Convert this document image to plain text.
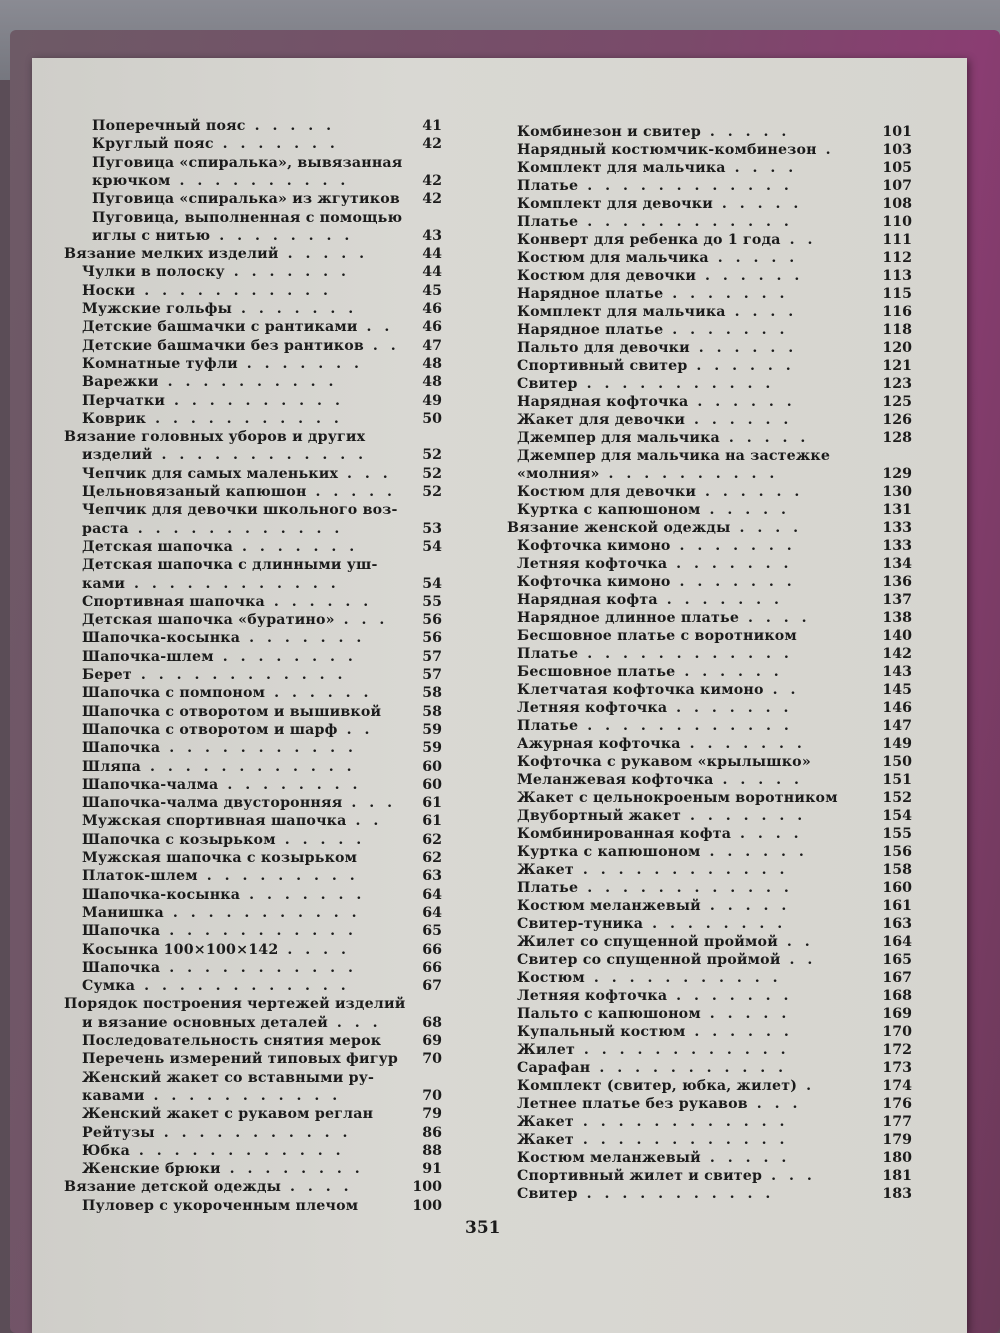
Поперечный пояс . . . . .	41
Круглый пояс . . . . . . .	42
Пуговица «спиралька», вывязанная
крючком . . . . . . . . . .	42
Пуговица «спиралька» из жгутиков	42
Пуговица, выполненная с помощью
иглы с нитью . . . . . . . .	43
Вязание мелких изделий . . . . .	44
Чулки в полоску . . . . . . .	44
Носки . . . . . . . . . . .	45
Мужские гольфы . . . . . . .	46
Детские башмачки с рантиками . .	46
Детские башмачки без рантиков . .	47
Комнатные туфли . . . . . . .	48
Варежки . . . . . . . . . .	48
Перчатки . . . . . . . . . .	49
Коврик . . . . . . . . . . .	50
Вязание головных уборов и других
изделий . . . . . . . . . . . .	52
Чепчик для самых маленьких . . .	52
Цельновязаный капюшон . . . . .	52
Чепчик для девочки школьного воз-
раста . . . . . . . . . . . .	53
Детская шапочка . . . . . . .	54
Детская шапочка с длинными уш-
ками . . . . . . . . . . . .	54
Спортивная шапочка . . . . . .	55
Детская шапочка «буратино» . . .	56
Шапочка-косынка . . . . . . .	56
Шапочка-шлем . . . . . . . .	57
Берет . . . . . . . . . . . .	57
Шапочка с помпоном . . . . . .	58
Шапочка с отворотом и вышивкой	58
Шапочка с отворотом и шарф . .	59
Шапочка . . . . . . . . . . .	59
Шляпа . . . . . . . . . . . .	60
Шапочка-чалма . . . . . . . .	60
Шапочка-чалма двусторонняя . . .	61
Мужская спортивная шапочка . .	61
Шапочка с козырьком . . . . .	62
Мужская шапочка с козырьком	62
Платок-шлем . . . . . . . . .	63
Шапочка-косынка . . . . . . .	64
Манишка . . . . . . . . . . .	64
Шапочка . . . . . . . . . . .	65
Косынка 100×100×142 . . . .	66
Шапочка . . . . . . . . . . .	66
Сумка . . . . . . . . . . . .	67
Порядок построения чертежей изделий
и вязание основных деталей . . .	68
Последовательность снятия мерок	69
Перечень измерений типовых фигур	70
Женский жакет со вставными ру-
кавами . . . . . . . . . . .	70
Женский жакет с рукавом реглан	79
Рейтузы . . . . . . . . . . .	86
Юбка . . . . . . . . . . . .	88
Женские брюки . . . . . . . .	91
Вязание детской одежды . . . .	100
Пуловер с укороченным плечом	100
Комбинезон и свитер . . . . .	101
Нарядный костюмчик-комбинезон .	103
Комплект для мальчика . . . .	105
Платье . . . . . . . . . . . .	107
Комплект для девочки . . . . .	108
Платье . . . . . . . . . . . .	110
Конверт для ребенка до 1 года . .	111
Костюм для мальчика . . . . .	112
Костюм для девочки . . . . . .	113
Нарядное платье . . . . . . .	115
Комплект для мальчика . . . .	116
Нарядное платье . . . . . . .	118
Пальто для девочки . . . . . .	120
Спортивный свитер . . . . . .	121
Свитер . . . . . . . . . . .	123
Нарядная кофточка . . . . . .	125
Жакет для девочки . . . . . .	126
Джемпер для мальчика . . . . .	128
Джемпер для мальчика на застежке
«молния» . . . . . . . . . .	129
Костюм для девочки . . . . . .	130
Куртка с капюшоном . . . . .	131
Вязание женской одежды . . . .	133
Кофточка кимоно . . . . . . .	133
Летняя кофточка . . . . . . .	134
Кофточка кимоно . . . . . . .	136
Нарядная кофта . . . . . . .	137
Нарядное длинное платье . . . .	138
Бесшовное платье с воротником	140
Платье . . . . . . . . . . . .	142
Бесшовное платье . . . . . .	143
Клетчатая кофточка кимоно . .	145
Летняя кофточка . . . . . . .	146
Платье . . . . . . . . . . . .	147
Ажурная кофточка . . . . . . .	149
Кофточка с рукавом «крылышко»	150
Меланжевая кофточка . . . . .	151
Жакет с цельнокроеным воротником	152
Двубортный жакет . . . . . . .	154
Комбинированная кофта . . . .	155
Куртка с капюшоном . . . . . .	156
Жакет . . . . . . . . . . . .	158
Платье . . . . . . . . . . . .	160
Костюм меланжевый . . . . .	161
Свитер-туника . . . . . . . .	163
Жилет со спущенной проймой . .	164
Свитер со спущенной проймой . .	165
Костюм . . . . . . . . . . .	167
Летняя кофточка . . . . . . .	168
Пальто с капюшоном . . . . .	169
Купальный костюм . . . . . .	170
Жилет . . . . . . . . . . . .	172
Сарафан . . . . . . . . . . .	173
Комплект (свитер, юбка, жилет) .	174
Летнее платье без рукавов . . .	176
Жакет . . . . . . . . . . . .	177
Жакет . . . . . . . . . . . .	179
Костюм меланжевый . . . . .	180
Спортивный жилет и свитер . . .	181
Свитер . . . . . . . . . . .	183
351
